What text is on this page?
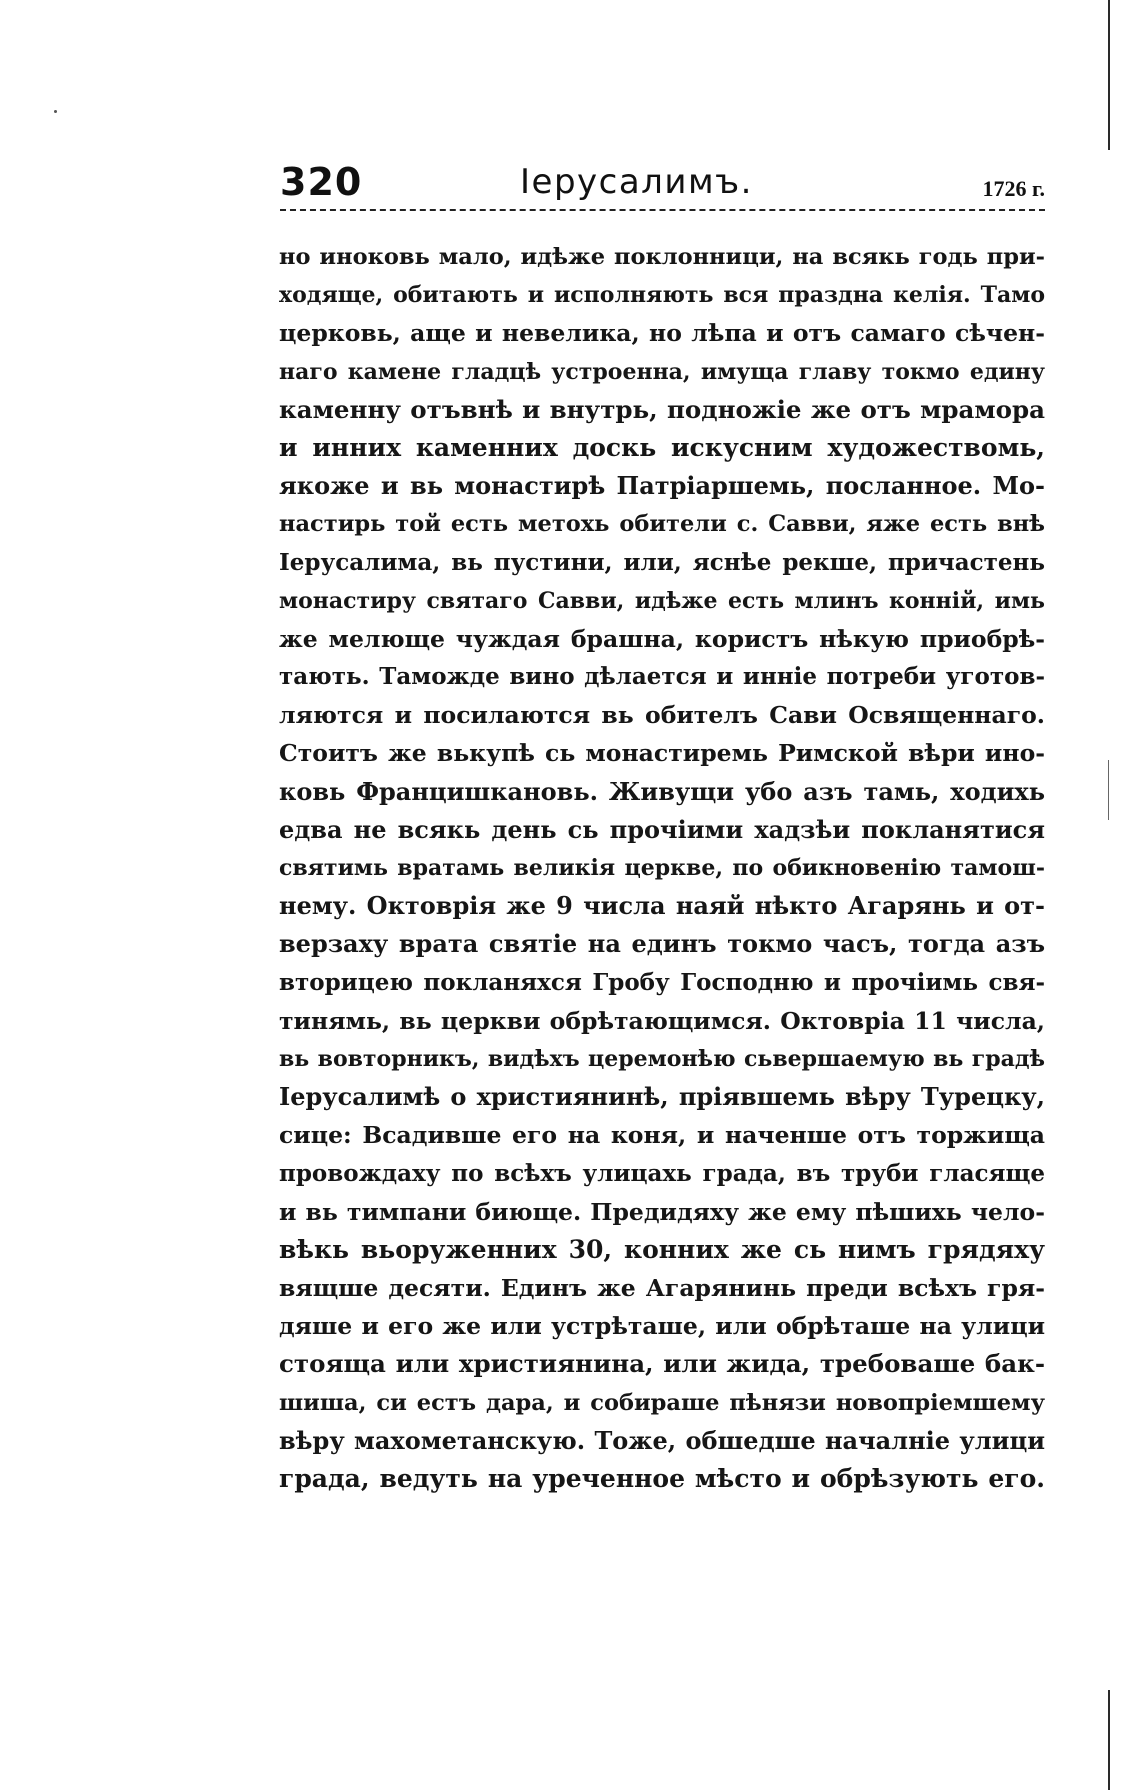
320	Іерусалимъ.	1726 г.
но иноковь мало, идѣже поклонници, на всякь годь при-
ходяще, обитають и исполняють вся праздна келія. Тамо
церковь, аще и невелика, но лѣпа и отъ самаго сѣчен-
наго камене гладцѣ устроенна, имуща главу токмо едину
каменну отъвнѣ и внутрь, подножіе же отъ мрамора
и инних каменних доскь искусним художествомь,
якоже и вь монастирѣ Патріаршемь, посланное. Мо-
настирь той есть метохь обители с. Савви, яже есть внѣ
Іерусалима, вь пустини, или, яснѣе рекше, причастень
монастиру святаго Савви, идѣже есть млинъ конній, имь
же мелюще чуждая брашна, користъ нѣкую приобрѣ-
тають. Таможде вино дѣлается и инніе потреби уготов-
ляются и посилаются вь обителъ Сави Освященнаго.
Стоитъ же вькупѣ сь монастиремь Римской вѣри ино-
ковь Францишкановь. Живущи убо азъ тамь, ходихь
едва не всякь день сь прочіими хадзѣи покланятися
святимь вратамь великія церкве, по обикновенію тамош-
нему. Октоврія же 9 числа наяй нѣкто Агарянь и от-
верзаху врата святіе на единъ токмо часъ, тогда азъ
вторицею покланяхся Гробу Господню и прочіимь свя-
тинямь, вь церкви обрѣтающимся. Октовріа 11 числа,
вь вовторникъ, видѣхъ церемонѣю сьвершаемую вь градѣ
Іерусалимѣ о християнинѣ, пріявшемь вѣру Турецку,
сице: Всадивше его на коня, и наченше отъ торжища
провождаху по всѣхъ улицахь града, въ труби гласяще
и вь тимпани биюще. Предидяху же ему пѣшихь чело-
вѣкь вьоруженних 30, конних же сь нимъ грядяху
вящше десяти. Единъ же Агарянинь преди всѣхъ гря-
дяше и его же или устрѣташе, или обрѣташе на улици
стояща или християнина, или жида, требоваше бак-
шиша, си естъ дара, и собираше пѣнязи новопріемшему
вѣру махометанскую. Тоже, обшедше началніе улици
града, ведуть на уреченное мѣсто и обрѣзують его.
